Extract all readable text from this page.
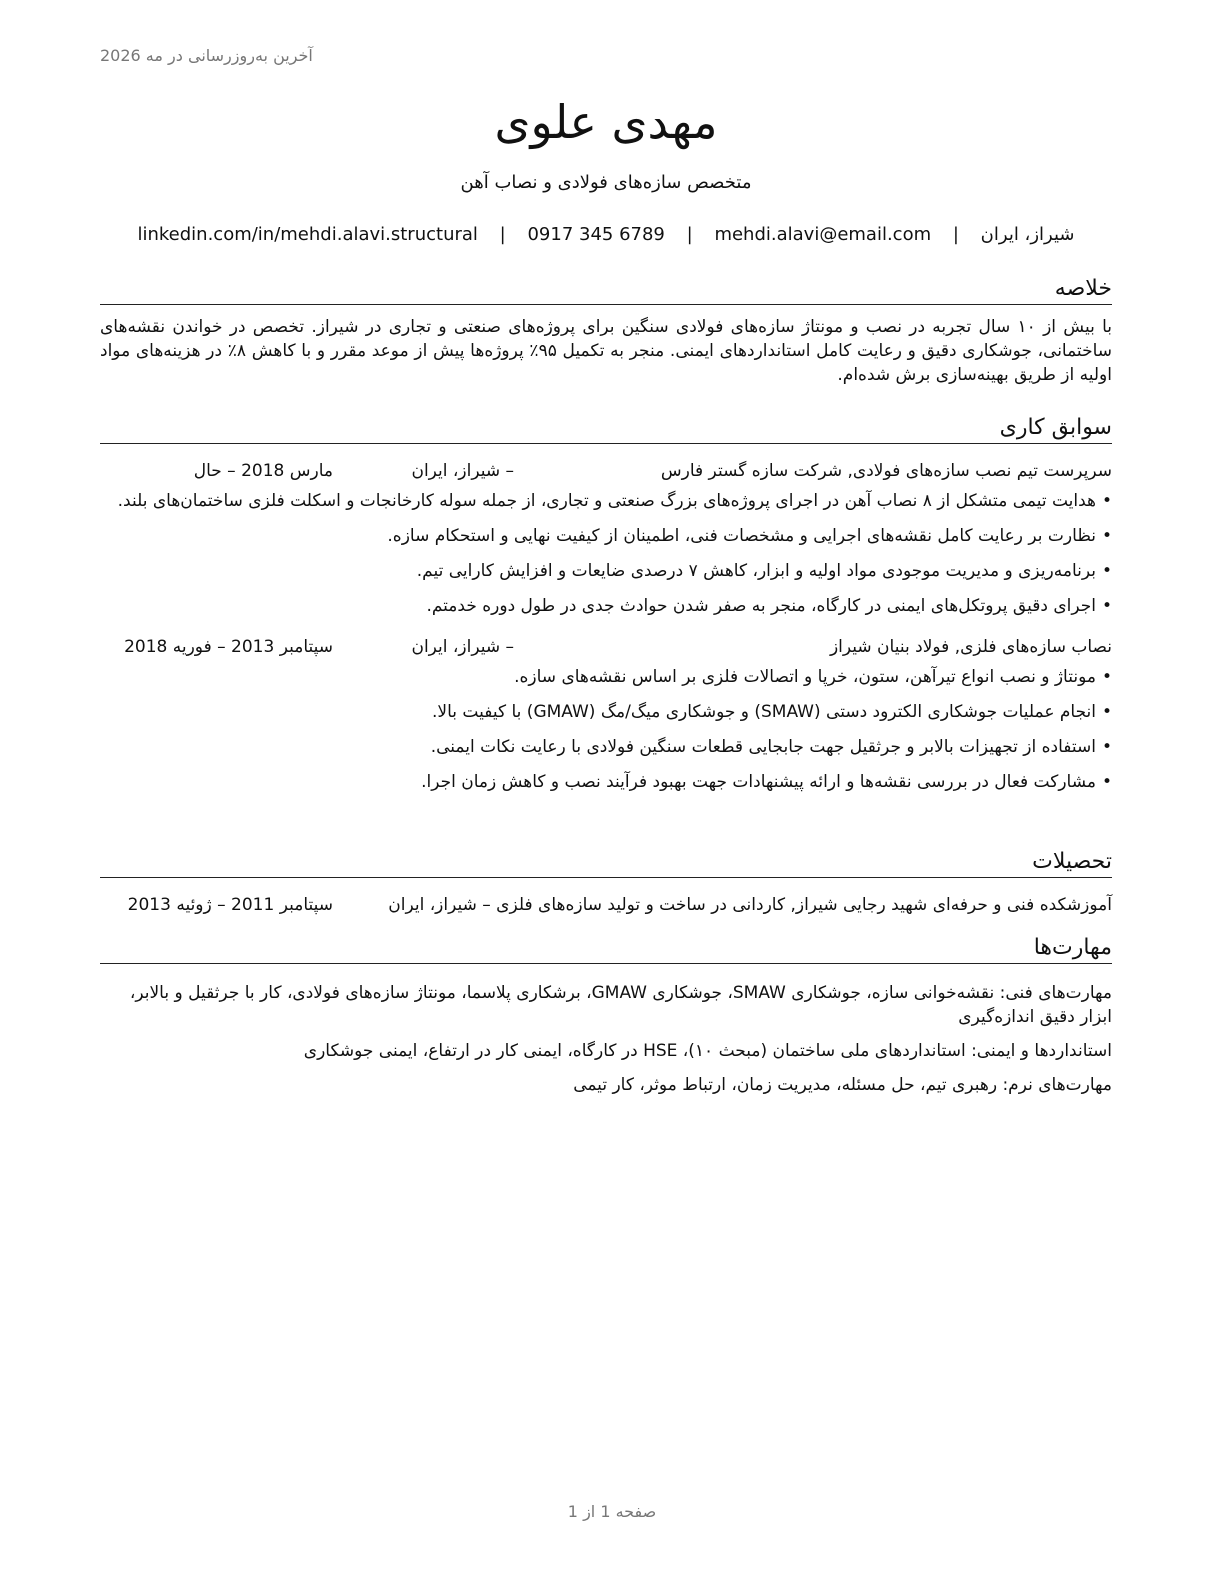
آخرین به‌روزرسانی در مه 2026
مهدی علوی
متخصص سازه‌های فولادی و نصاب آهن
شیراز، ایران | mehdi.alavi@email.com | 0917 345 6789 | linkedin.com/in/mehdi.alavi.structural
خلاصه

با بیش از ۱۰ سال تجربه در نصب و مونتاژ سازه‌های فولادی سنگین برای پروژه‌های صنعتی و تجاری در شیراز. تخصص در خواندن نقشه‌های ساختمانی، جوشکاری دقیق و رعایت کامل استانداردهای ایمنی. منجر به تکمیل ۹۵٪ پروژه‌ها پیش از موعد مقرر و با کاهش ۸٪ در هزینه‌های مواد اولیه از طریق بهینه‌سازی برش شده‌ام.

سوابق کاری
سرپرست تیم نصب سازه‌های فولادی, شرکت سازه گستر فارس
– شیراز، ایران
مارس 2018 – حال
• هدایت تیمی متشکل از ۸ نصاب آهن در اجرای پروژه‌های بزرگ صنعتی و تجاری، از جمله سوله کارخانجات و اسکلت فلزی ساختمان‌های بلند.
• نظارت بر رعایت کامل نقشه‌های اجرایی و مشخصات فنی، اطمینان از کیفیت نهایی و استحکام سازه.
• برنامه‌ریزی و مدیریت موجودی مواد اولیه و ابزار، کاهش ۷ درصدی ضایعات و افزایش کارایی تیم.
• اجرای دقیق پروتکل‌های ایمنی در کارگاه، منجر به صفر شدن حوادث جدی در طول دوره خدمتم.
نصاب سازه‌های فلزی, فولاد بنیان شیراز
– شیراز، ایران
سپتامبر 2013 – فوریه 2018
• مونتاژ و نصب انواع تیرآهن، ستون، خرپا و اتصالات فلزی بر اساس نقشه‌های سازه.
• انجام عملیات جوشکاری الکترود دستی (SMAW) و جوشکاری میگ/مگ (GMAW) با کیفیت بالا.
• استفاده از تجهیزات بالابر و جرثقیل جهت جابجایی قطعات سنگین فولادی با رعایت نکات ایمنی.
• مشارکت فعال در بررسی نقشه‌ها و ارائه پیشنهادات جهت بهبود فرآیند نصب و کاهش زمان اجرا.
تحصیلات
آموزشکده فنی و حرفه‌ای شهید رجایی شیراز, کاردانی در ساخت و تولید سازه‌های فلزی – شیراز، ایران
سپتامبر 2011 – ژوئیه 2013
مهارت‌ها

مهارت‌های فنی: نقشه‌خوانی سازه، جوشکاری SMAW، جوشکاری GMAW، برشکاری پلاسما، مونتاژ سازه‌های فولادی، کار با جرثقیل و بالابر، ابزار دقیق اندازه‌گیری

استانداردها و ایمنی: استانداردهای ملی ساختمان (مبحث ۱۰)، HSE در کارگاه، ایمنی کار در ارتفاع، ایمنی جوشکاری

مهارت‌های نرم: رهبری تیم، حل مسئله، مدیریت زمان، ارتباط موثر، کار تیمی

صفحه 1 از 1
